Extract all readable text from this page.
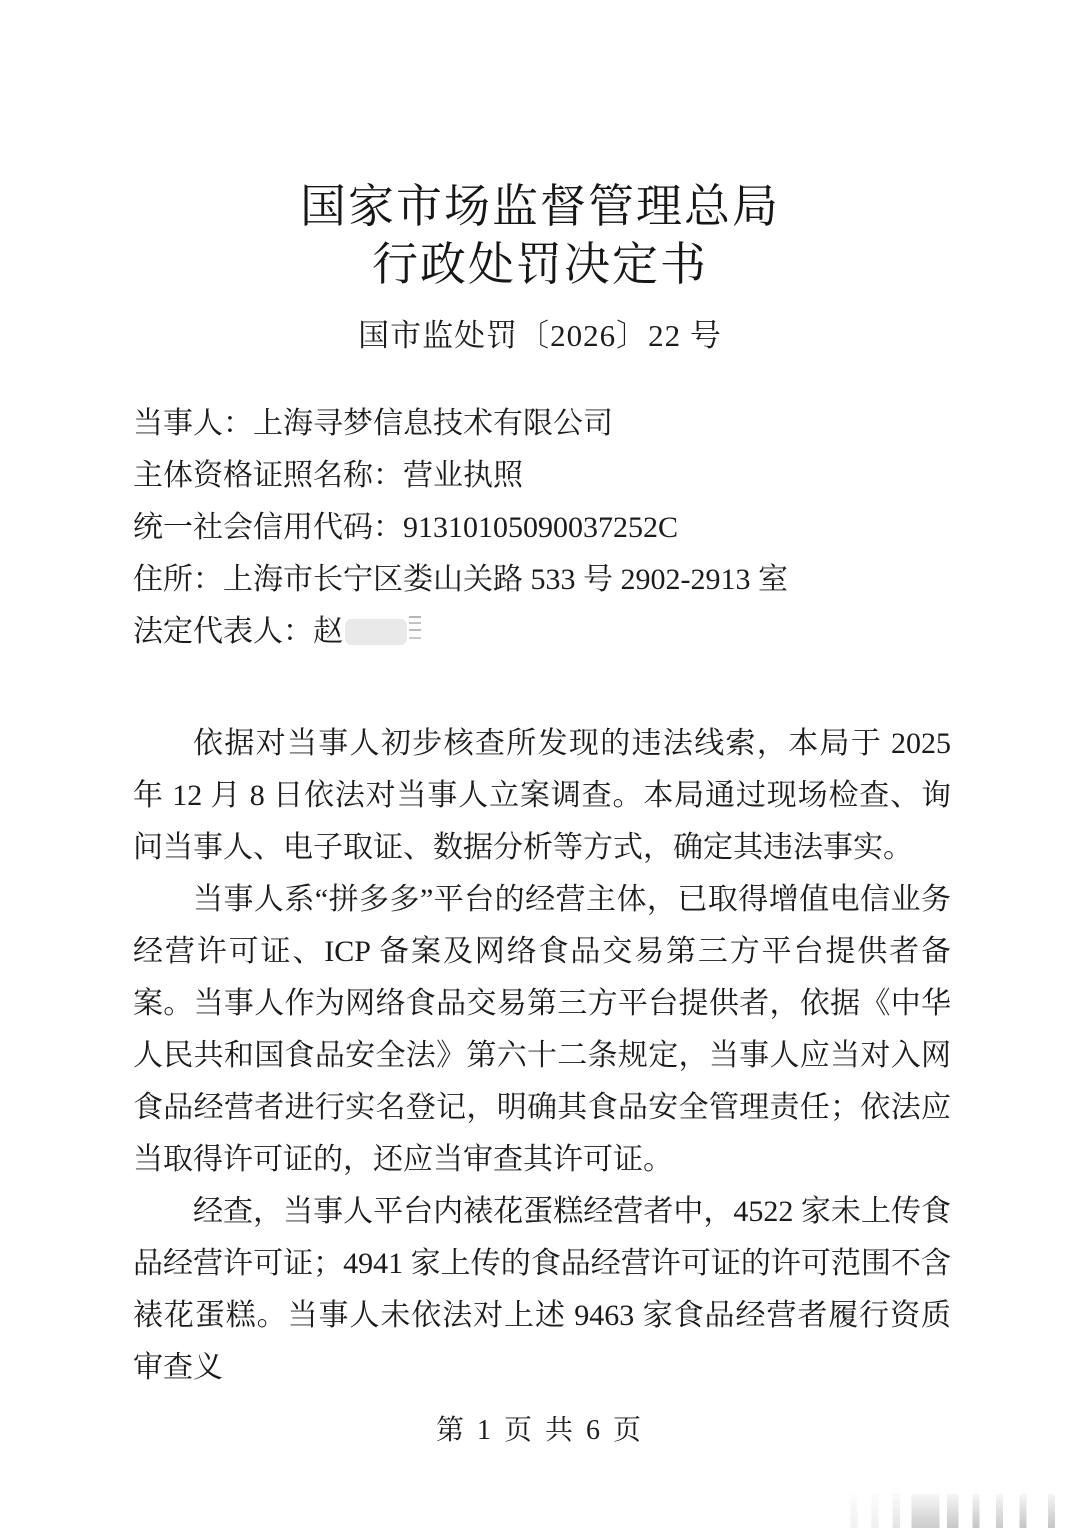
国家市场监督管理总局
行政处罚决定书
国市监处罚〔2026〕22 号
当事人：上海寻梦信息技术有限公司
主体资格证照名称：营业执照
统一社会信用代码：91310105090037252C
住所：上海市长宁区娄山关路 533 号 2902-2913 室
法定代表人：赵

依据对当事人初步核查所发现的违法线索，本局于 2025 年 12 月 8 日依法对当事人立案调查。本局通过现场检查、询问当事人、电子取证、数据分析等方式，确定其违法事实。

当事人系“拼多多”平台的经营主体，已取得增值电信业务经营许可证、ICP 备案及网络食品交易第三方平台提供者备案。当事人作为网络食品交易第三方平台提供者，依据《中华人民共和国食品安全法》第六十二条规定，当事人应当对入网食品经营者进行实名登记，明确其食品安全管理责任；依法应当取得许可证的，还应当审查其许可证。

经查，当事人平台内裱花蛋糕经营者中，4522 家未上传食品经营许可证；4941 家上传的食品经营许可证的许可范围不含裱花蛋糕。当事人未依法对上述 9463 家食品经营者履行资质审查义

第 1 页 共 6 页
